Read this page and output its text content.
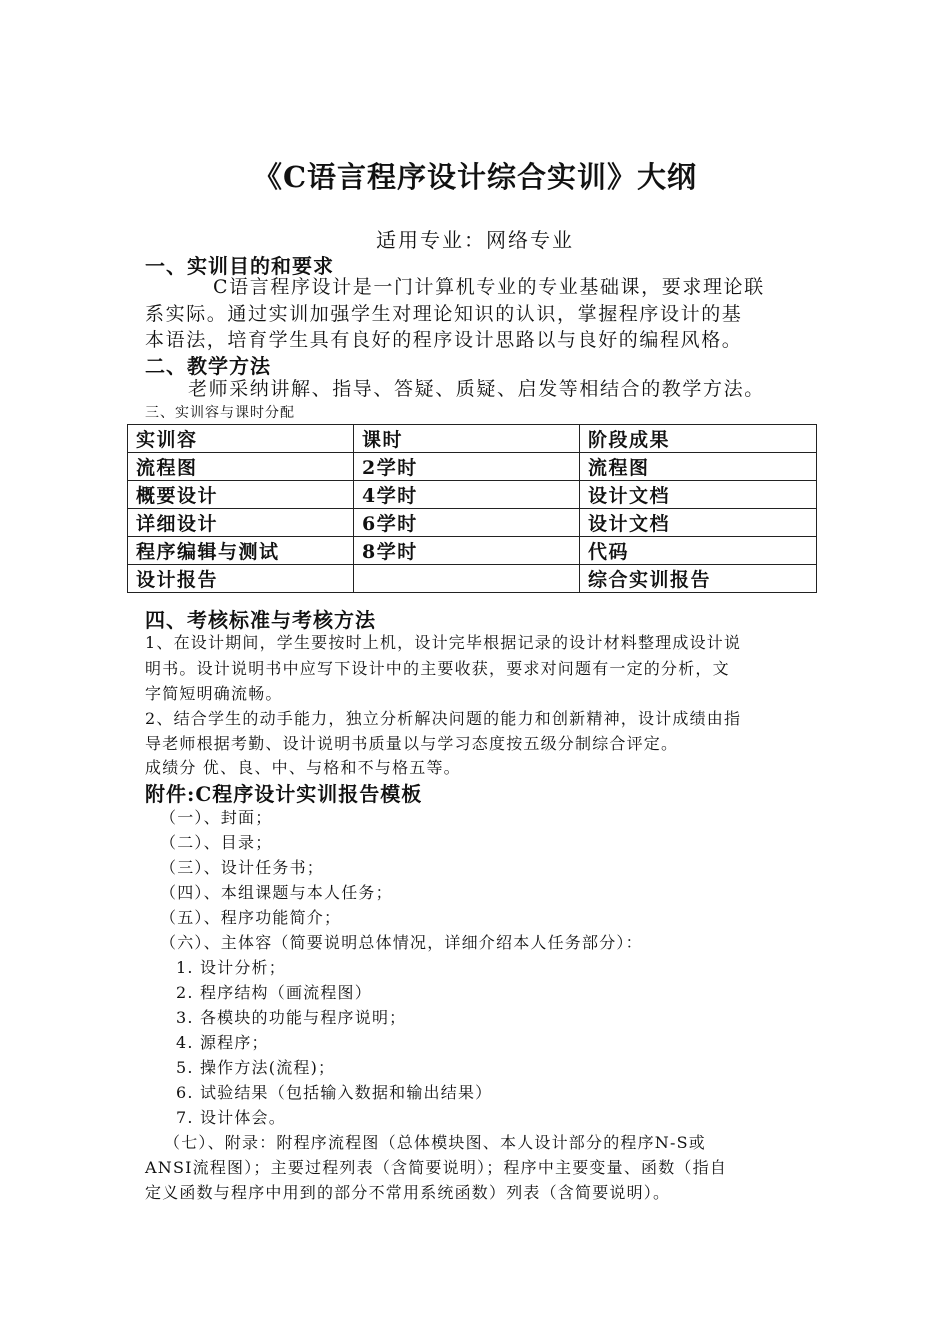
《C语言程序设计综合实训》大纲
适用专业：网络专业
一、实训目的和要求
C语言程序设计是一门计算机专业的专业基础课，要求理论联
系实际。通过实训加强学生对理论知识的认识，掌握程序设计的基
本语法，培育学生具有良好的程序设计思路以与良好的编程风格。
二、教学方法
老师采纳讲解、指导、答疑、质疑、启发等相结合的教学方法。
三、实训容与课时分配
实训容	课时	阶段成果
流程图	2学时	流程图
概要设计	4学时	设计文档
详细设计	6学时	设计文档
程序编辑与测试	8学时	代码
设计报告		综合实训报告
四、考核标准与考核方法
1、在设计期间，学生要按时上机，设计完毕根据记录的设计材料整理成设计说
明书。设计说明书中应写下设计中的主要收获，要求对问题有一定的分析，文
字简短明确流畅。
2、结合学生的动手能力，独立分析解决问题的能力和创新精神，设计成绩由指
导老师根据考勤、设计说明书质量以与学习态度按五级分制综合评定。
成绩分 优、良、中、与格和不与格五等。
附件:C程序设计实训报告模板
（一）、封面；
（二）、目录；
（三）、设计任务书；
（四）、本组课题与本人任务；
（五）、程序功能简介；
（六）、主体容（简要说明总体情况，详细介绍本人任务部分）：
1. 设计分析；
2. 程序结构（画流程图）
3. 各模块的功能与程序说明；
4. 源程序；
5. 操作方法(流程)；
6. 试验结果（包括输入数据和输出结果）
7. 设计体会。
（七）、附录：附程序流程图（总体模块图、本人设计部分的程序N-S或
ANSI流程图）；主要过程列表（含简要说明）；程序中主要变量、函数（指自
定义函数与程序中用到的部分不常用系统函数）列表（含简要说明）。
